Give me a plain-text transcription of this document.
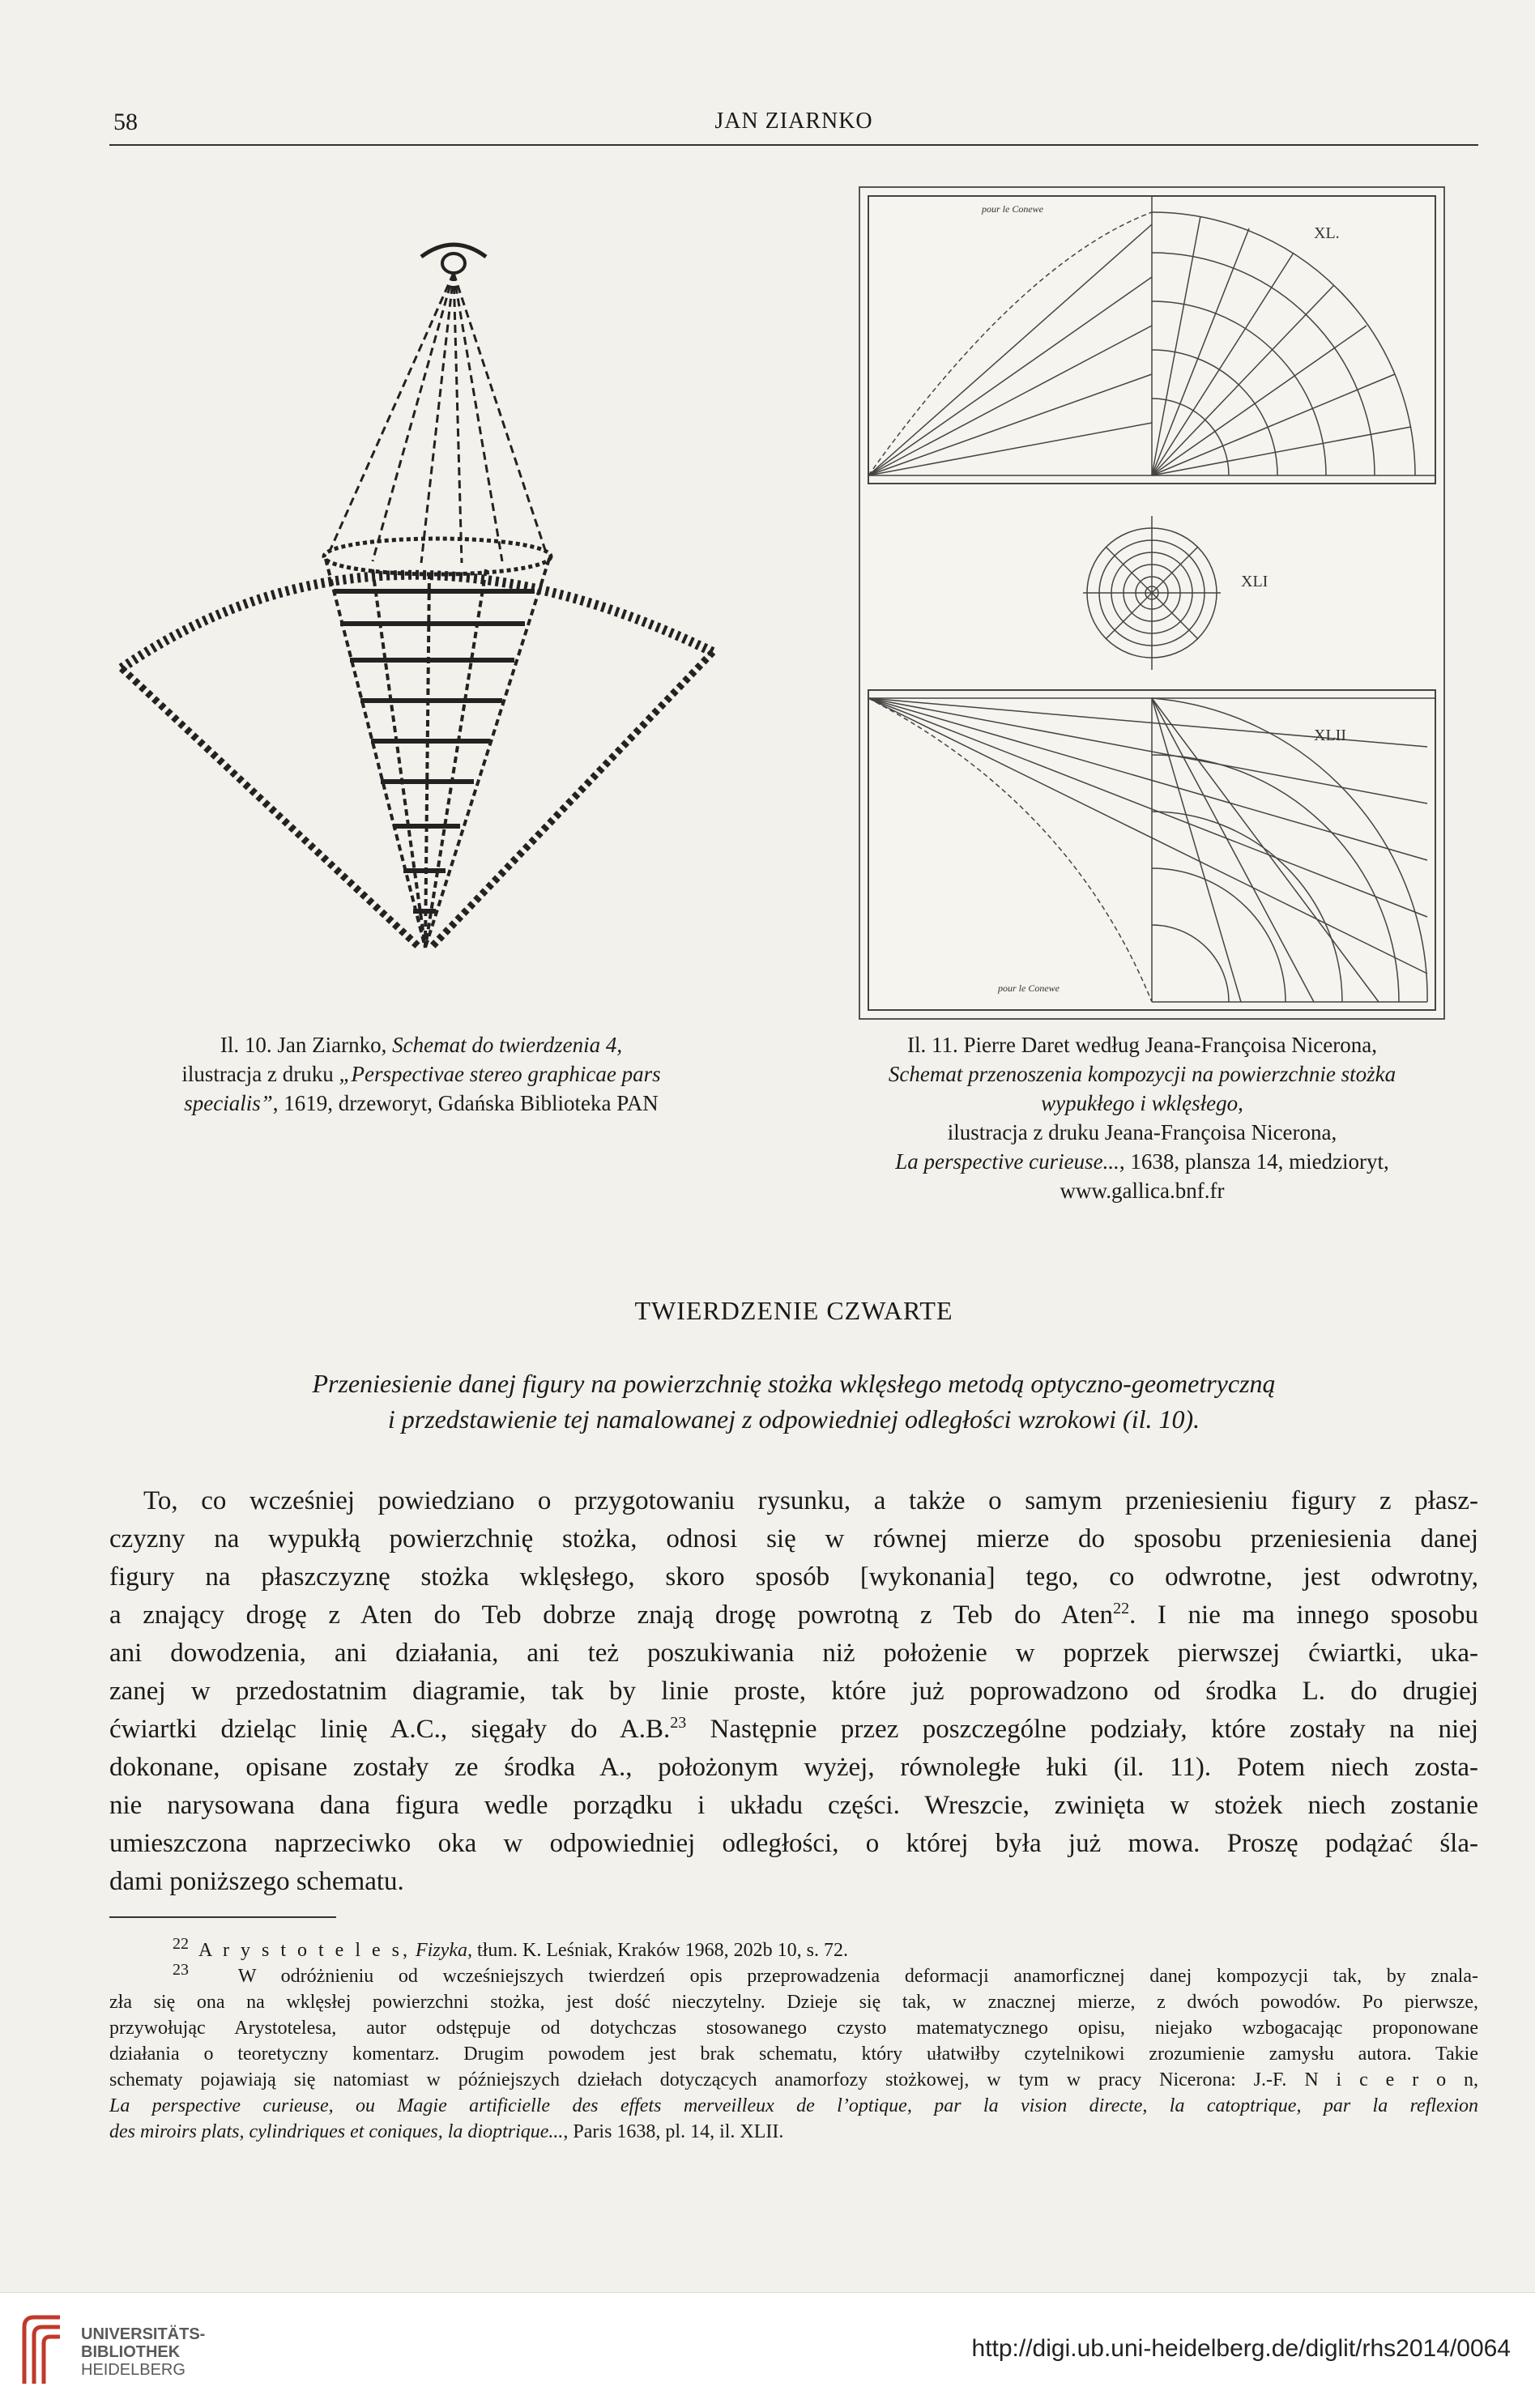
58	JAN ZIARNKO
XL.
XLI
XLII
pour le Conewe
pour le Conewe
Il. 10. Jan Ziarnko, Schemat do twierdzenia 4,
ilustracja z druku „Perspectivae stereo graphicae pars
specialis”, 1619, drzeworyt, Gdańska Biblioteka PAN
Il. 11. Pierre Daret według Jeana-Françoisa Nicerona,
Schemat przenoszenia kompozycji na powierzchnie stożka
wypukłego i wklęsłego,
ilustracja z druku Jeana-Françoisa Nicerona,
La perspective curieuse..., 1638, plansza 14, miedzioryt,
www.gallica.bnf.fr
TWIERDZENIE CZWARTE
Przeniesienie danej figury na powierzchnię stożka wklęsłego metodą optyczno-geometryczną
i przedstawienie tej namalowanej z odpowiedniej odległości wzrokowi (il. 10).
To, co wcześniej powiedziano o przygotowaniu rysunku, a także o samym przeniesieniu figury z płasz-
czyzny na wypukłą powierzchnię stożka, odnosi się w równej mierze do sposobu przeniesienia danej
figury na płaszczyznę stożka wklęsłego, skoro sposób [wykonania] tego, co odwrotne, jest odwrotny,
a znający drogę z Aten do Teb dobrze znają drogę powrotną z Teb do Aten$^{22}$. I nie ma innego sposobu
ani dowodzenia, ani działania, ani też poszukiwania niż położenie w poprzek pierwszej ćwiartki, uka-
zanej w przedostatnim diagramie, tak by linie proste, które już poprowadzono od środka L. do drugiej
ćwiartki dzieląc linię A.C., sięgały do A.B.$^{23}$ Następnie przez poszczególne podziały, które zostały na niej
dokonane, opisane zostały ze środka A., położonym wyżej, równoległe łuki (il. 11). Potem niech zosta-
nie narysowana dana figura wedle porządku i układu części. Wreszcie, zwinięta w stożek niech zostanie
umieszczona naprzeciwko oka w odpowiedniej odległości, o której była już mowa. Proszę podążać śla-
dami poniższego schematu.
$^{22}$ A r y s t o t e l e s, Fizyka, tłum. K. Leśniak, Kraków 1968, 202b 10, s. 72.
$^{23}$	W odróżnieniu od wcześniejszych twierdzeń opis przeprowadzenia deformacji anamorficznej danej kompozycji tak, by znala-
zła się ona na wklęsłej powierzchni stożka, jest dość nieczytelny. Dzieje się tak, w znacznej mierze, z dwóch powodów. Po pierwsze,
przywołując Arystotelesa, autor odstępuje od dotychczas stosowanego czysto matematycznego opisu, niejako wzbogacając proponowane
działania o teoretyczny komentarz. Drugim powodem jest brak schematu, który ułatwiłby czytelnikowi zrozumienie zamysłu autora. Takie
schematy pojawiają się natomiast w późniejszych dziełach dotyczących anamorfozy stożkowej, w tym w pracy Nicerona: J.-F. N i c e r o n,
La perspective curieuse, ou Magie artificielle des effets merveilleux de l’optique, par la vision directe, la catoptrique, par la reflexion
des miroirs plats, cylindriques et coniques, la dioptrique..., Paris 1638, pl. 14, il. XLII.
UNIVERSITÄTS-
BIBLIOTHEK
HEIDELBERG
http://digi.ub.uni-heidelberg.de/diglit/rhs2014/0064
